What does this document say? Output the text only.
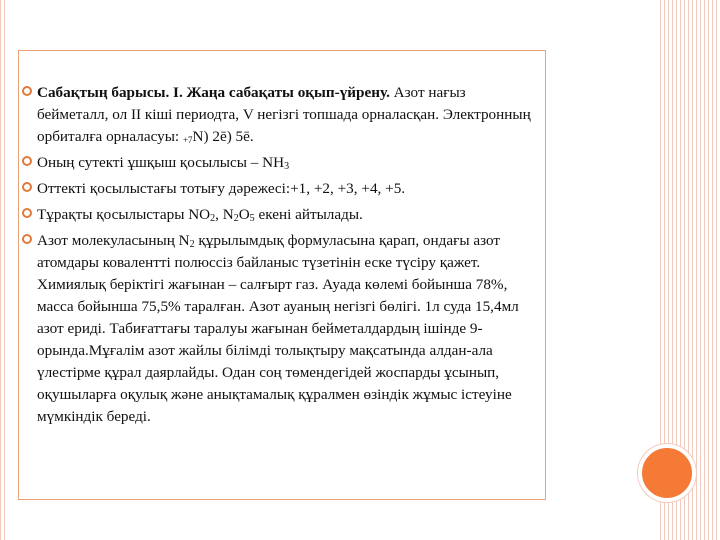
Сабақтың барысы. І. Жаңа сабақаты оқып-үйрену. Азот нағыз бейметалл, ол ІІ кіші периодта, V негізгі топшада орналасқан. Электронның орбиталға орналасуы: $_{+7}$N) 2ē) 5ē.
Оның сутекті ұшқыш қосылысы – $NH_3$
Оттекті қосылыстағы тотығу дәрежесі:+1, +2, +3, +4, +5.
Тұрақты қосылыстары $NO_2$, $N_2O_5$ екені айтылады.
Азот молекуласының $N_2$ құрылымдық формуласына қарап, ондағы азот атомдары ковалентті полюссіз байланыс түзетінін еске түсіру қажет. Химиялық беріктігі жағынан – салғырт газ. Ауада көлемі бойынша 78%, масса бойынша 75,5% таралған. Азот ауаның негізгі бөлігі. 1л суда 15,4мл азот ериді. Табиғаттағы таралуы жағынан бейметалдардың ішінде 9-орында.Мұғалім азот жайлы білімді толықтыру мақсатында алдан-ала үлестірме құрал даярлайды. Одан соң төмендегідей жоспарды ұсынып, оқушыларға оқулық және анықтамалық құралмен өзіндік жұмыс істеуіне мүмкіндік береді.
